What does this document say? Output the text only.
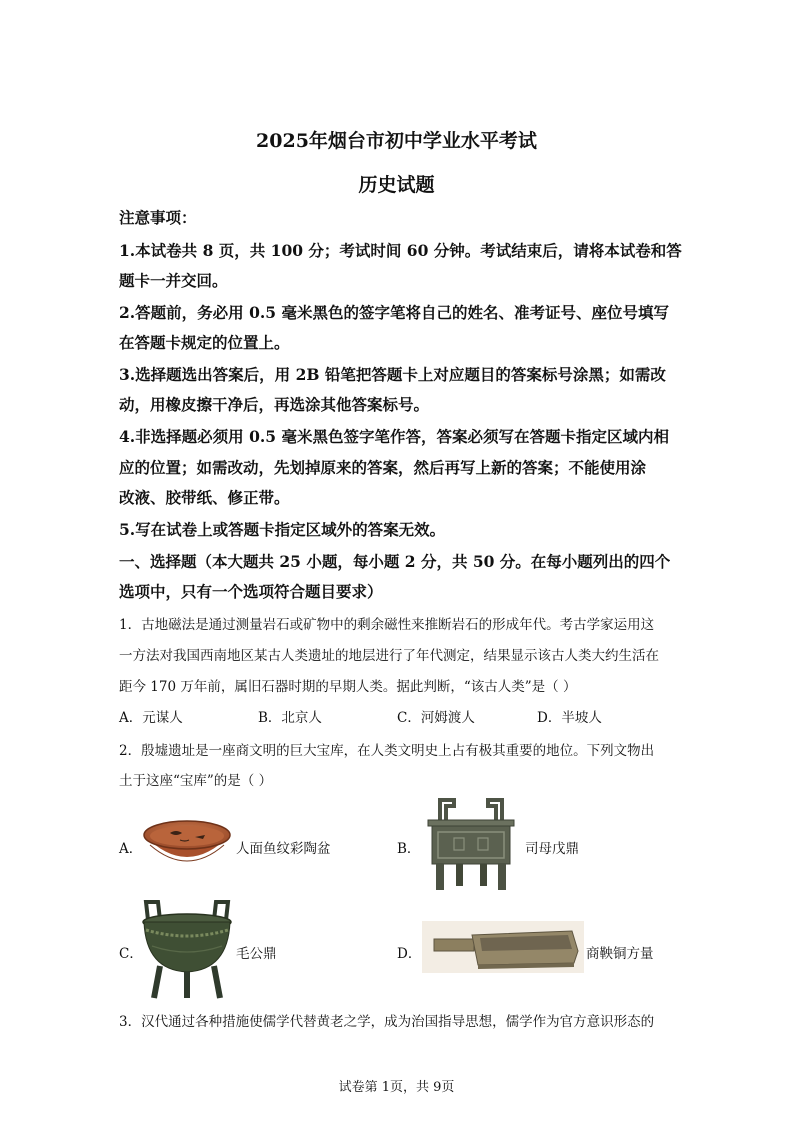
2025年烟台市初中学业水平考试
历史试题
注意事项：
1.本试卷共 8 页，共 100 分；考试时间 60 分钟。考试结束后，请将本试卷和答
题卡一并交回。
2.答题前，务必用 0.5 毫米黑色的签字笔将自己的姓名、准考证号、座位号填写
在答题卡规定的位置上。
3.选择题选出答案后，用 2B 铅笔把答题卡上对应题目的答案标号涂黑；如需改
动，用橡皮擦干净后，再选涂其他答案标号。
4.非选择题必须用 0.5 毫米黑色签字笔作答，答案必须写在答题卡指定区域内相
应的位置；如需改动，先划掉原来的答案，然后再写上新的答案；不能使用涂
改液、胶带纸、修正带。
5.写在试卷上或答题卡指定区域外的答案无效。
一、选择题（本大题共 25 小题，每小题 2 分，共 50 分。在每小题列出的四个
选项中，只有一个选项符合题目要求）
1．古地磁法是通过测量岩石或矿物中的剩余磁性来推断岩石的形成年代。考古学家运用这
一方法对我国西南地区某古人类遗址的地层进行了年代测定，结果显示该古人类大约生活在
距今 170 万年前，属旧石器时期的早期人类。据此判断，“该古人类”是（ ）
A．元谋人	B．北京人	C．河姆渡人	D．半坡人
2．殷墟遗址是一座商文明的巨大宝库，在人类文明史上占有极其重要的地位。下列文物出
土于这座“宝库”的是（ ）
A．	人面鱼纹彩陶盆	B．	司母戊鼎
C．	毛公鼎	D．	商鞅铜方量
3．汉代通过各种措施使儒学代替黄老之学，成为治国指导思想，儒学作为官方意识形态的
试卷第 1页，共 9页
